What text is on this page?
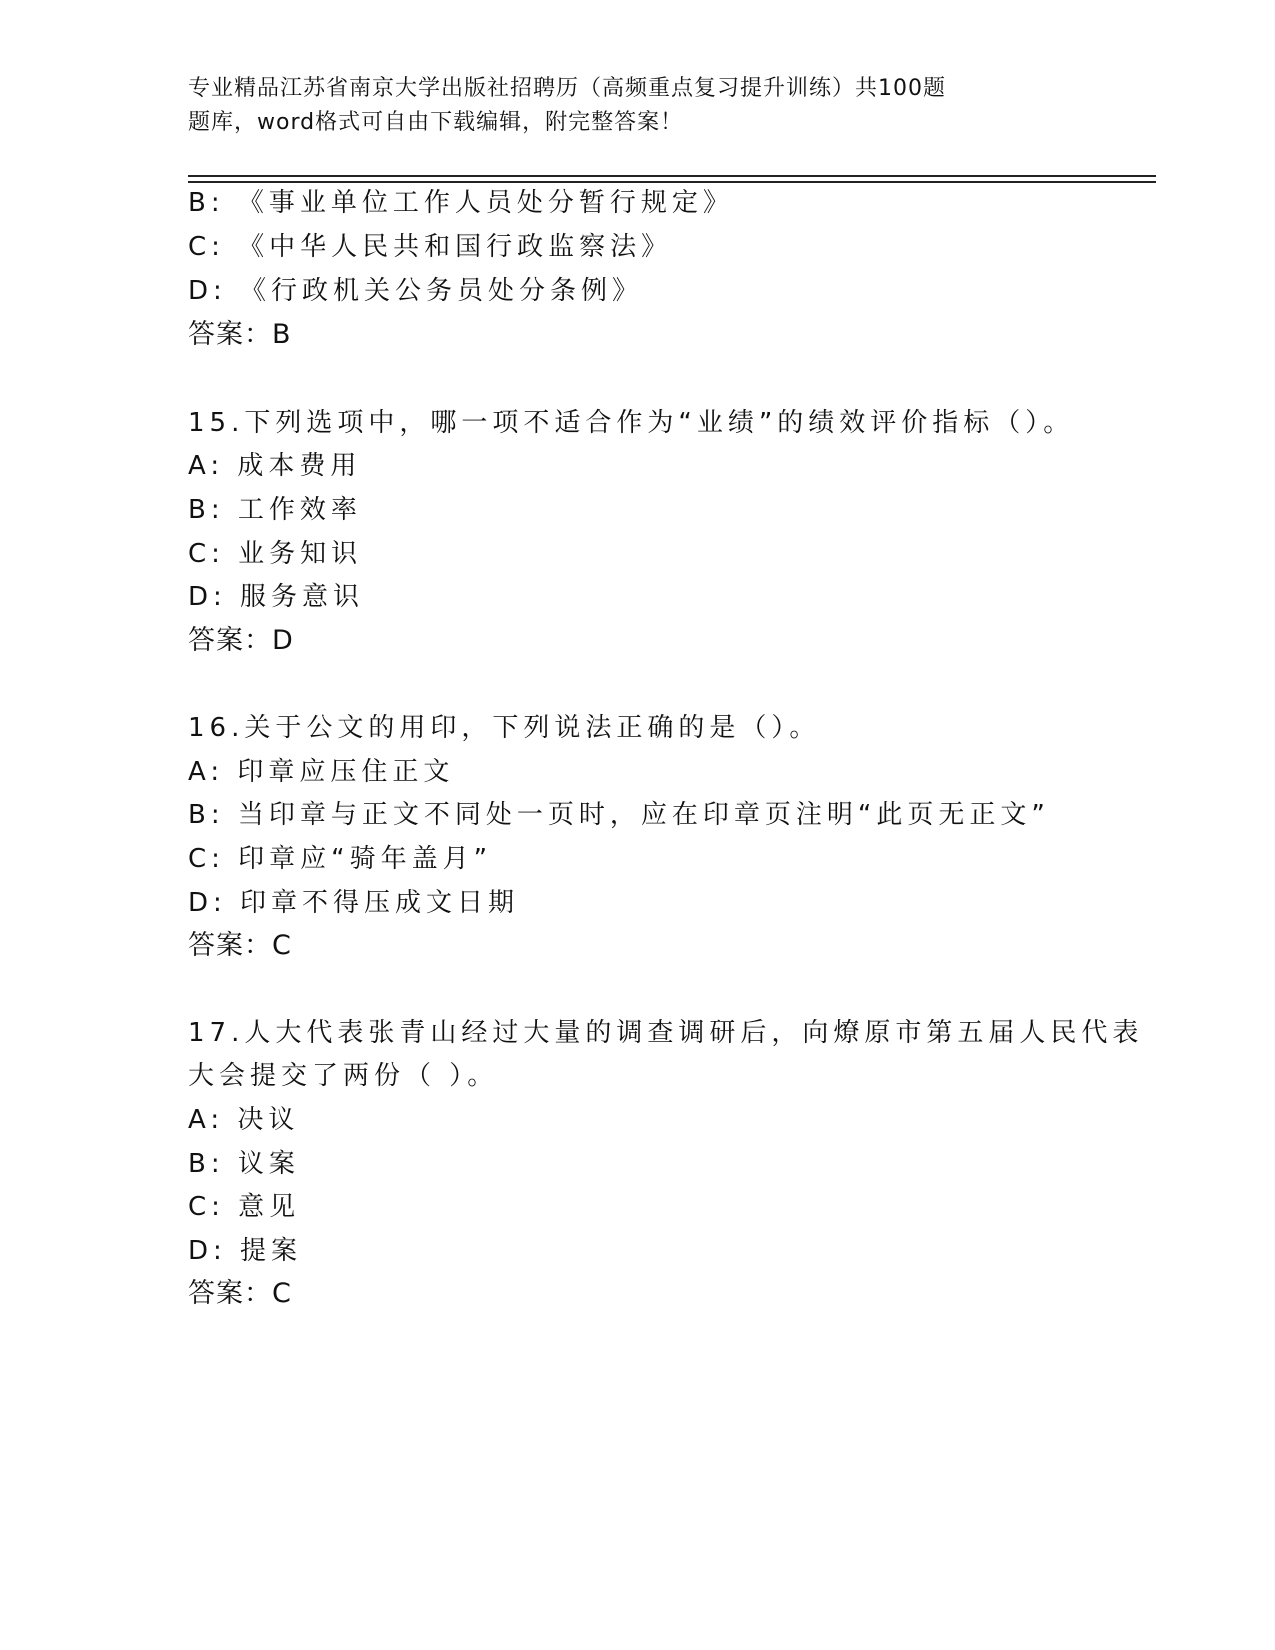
专业精品江苏省南京大学出版社招聘历（高频重点复习提升训练）共100题
题库，word格式可自由下载编辑，附完整答案！
B: 《事业单位工作人员处分暂行规定》
C: 《中华人民共和国行政监察法》
D: 《行政机关公务员处分条例》
答案：B
15.下列选项中，哪一项不适合作为“业绩”的绩效评价指标（）。
A: 成本费用
B: 工作效率
C: 业务知识
D: 服务意识
答案：D
16.关于公文的用印，下列说法正确的是（）。
A: 印章应压住正文
B: 当印章与正文不同处一页时，应在印章页注明“此页无正文”
C: 印章应“骑年盖月”
D: 印章不得压成文日期
答案：C
17.人大代表张青山经过大量的调查调研后，向燎原市第五届人民代表
大会提交了两份（ ）。
A: 决议
B: 议案
C: 意见
D: 提案
答案：C
